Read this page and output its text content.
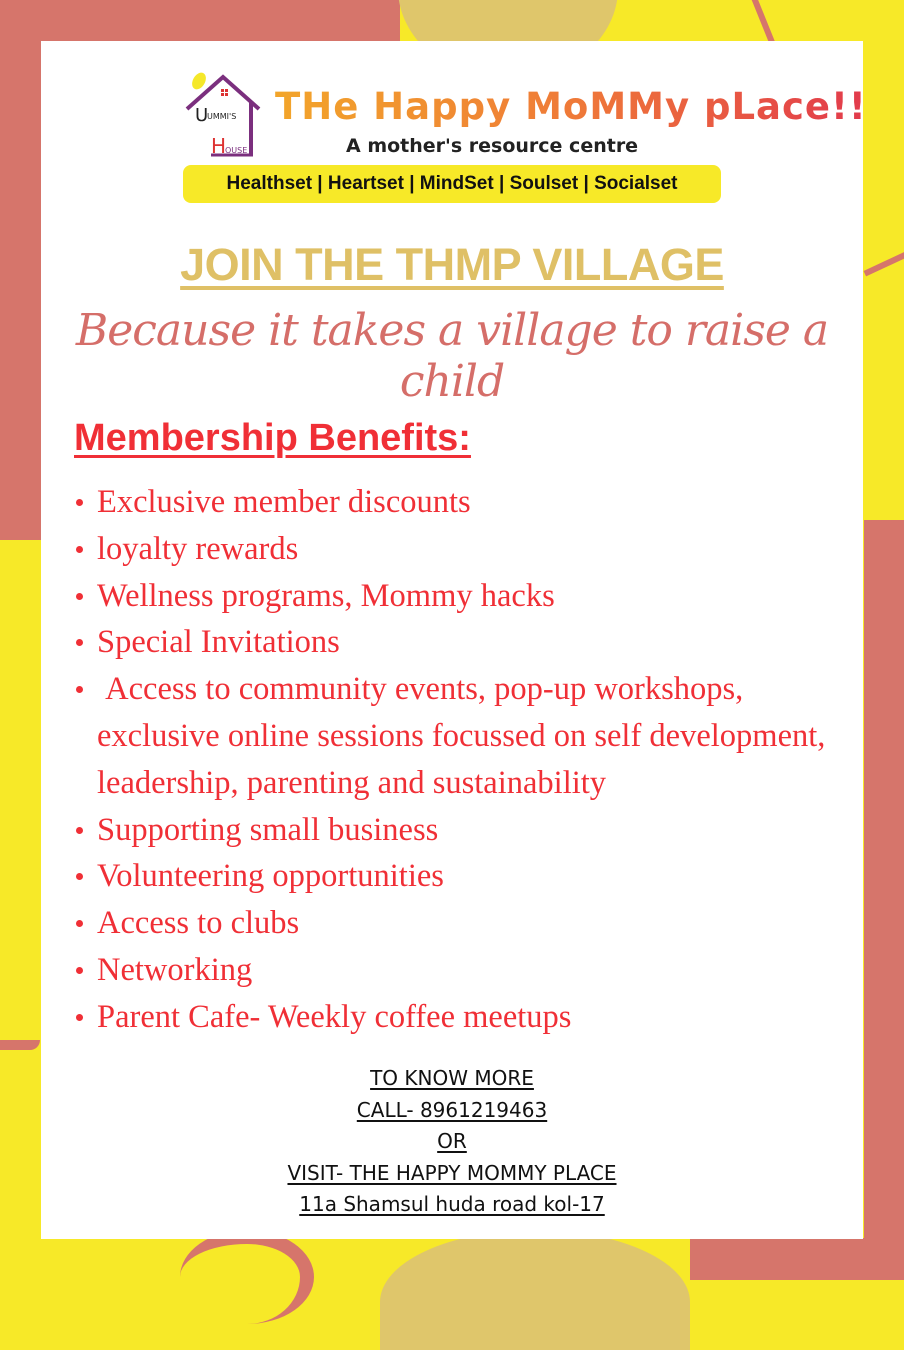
U
UMMI'S
H
OUSE
THe Happy MoMMy pLace!!
A mother's resource centre
Healthset | Heartset | MindSet | Soulset | Socialset
JOIN THE THMP VILLAGE
Because it takes a village to raise a child
Membership Benefits:
Exclusive member discounts
loyalty rewards
Wellness programs, Mommy hacks
Special Invitations
Access to community events, pop-up workshops, exclusive online sessions focussed on self development, leadership, parenting and sustainability
Supporting small business
Volunteering opportunities
Access to clubs
Networking
Parent Cafe- Weekly coffee meetups
TO KNOW MORE
CALL- 8961219463
OR
VISIT- THE HAPPY MOMMY PLACE
11a Shamsul huda road kol-17
